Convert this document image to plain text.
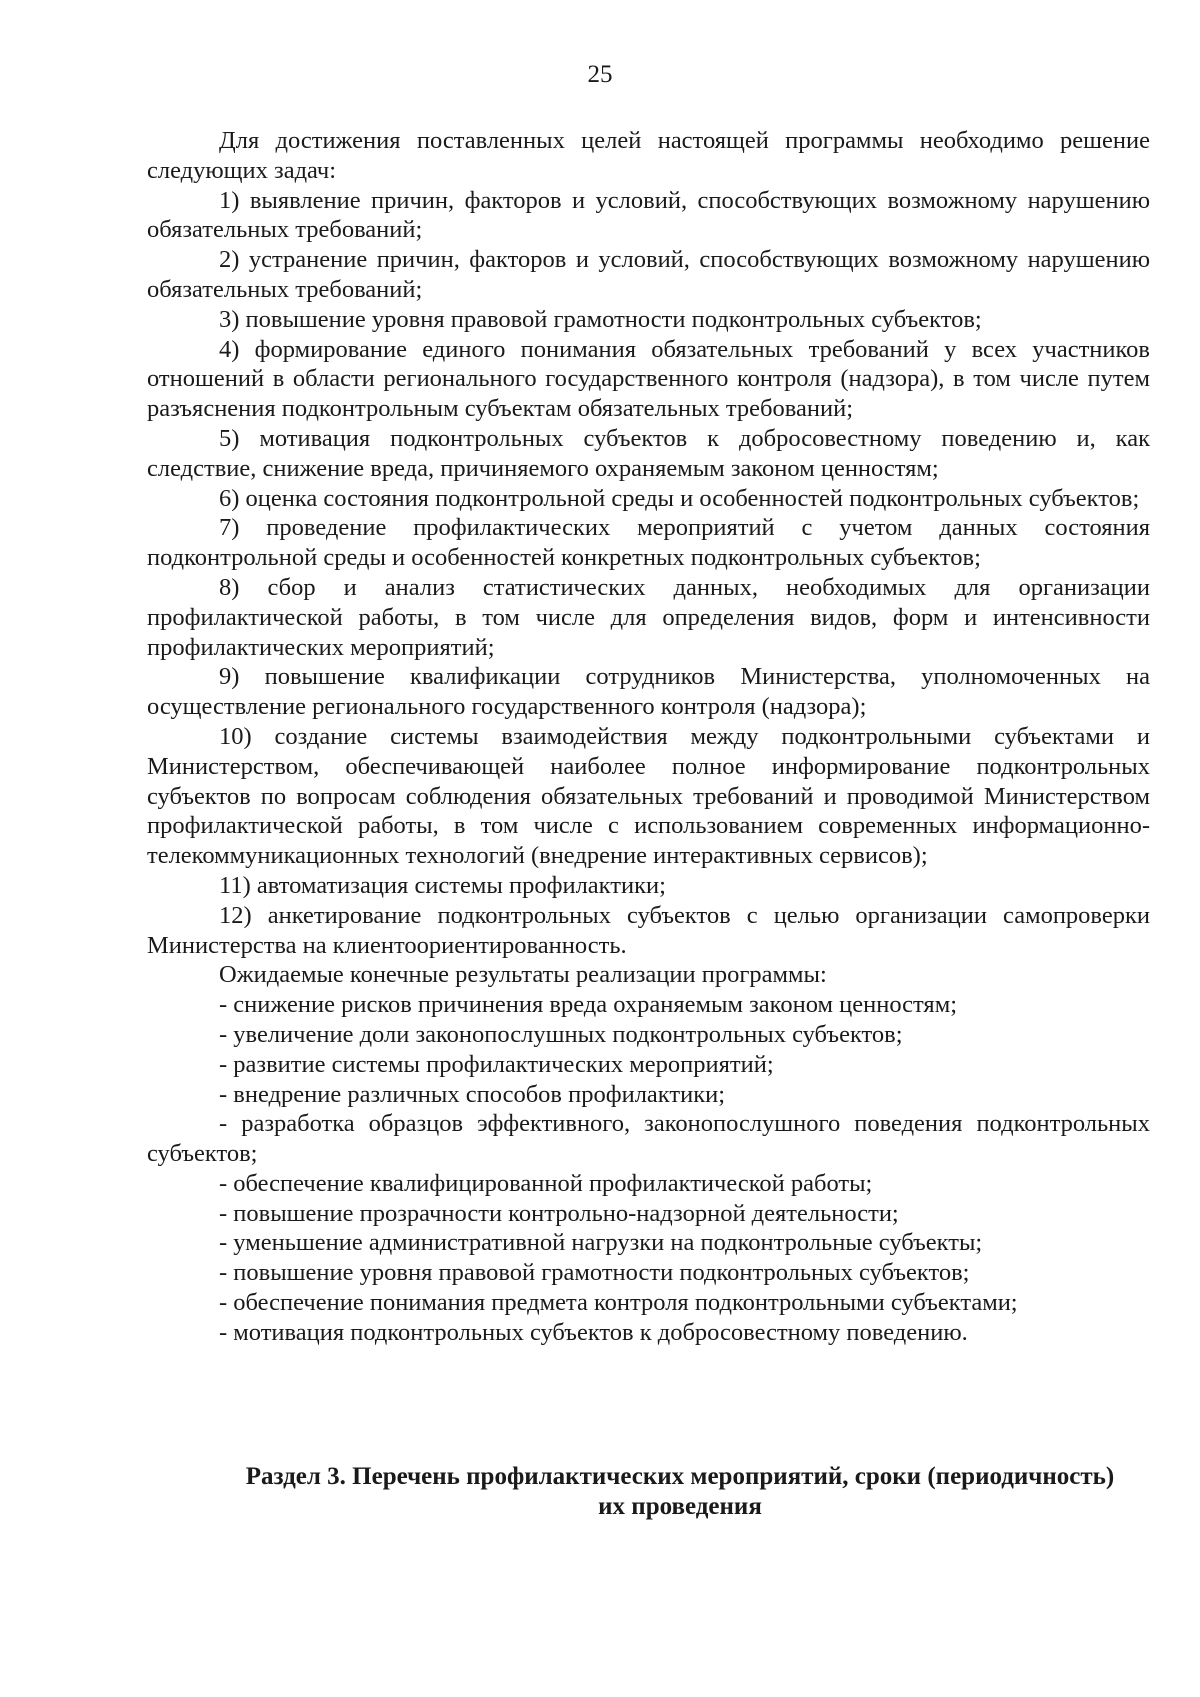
25

Для достижения поставленных целей настоящей программы необходимо решение следующих задач:

1) выявление причин, факторов и условий, способствующих возможному нарушению обязательных требований;

2) устранение причин, факторов и условий, способствующих возможному нарушению обязательных требований;

3) повышение уровня правовой грамотности подконтрольных субъектов;

4) формирование единого понимания обязательных требований у всех участников отношений в области регионального государственного контроля (надзора), в том числе путем разъяснения подконтрольным субъектам обязательных требований;

5) мотивация подконтрольных субъектов к добросовестному поведению и, как следствие, снижение вреда, причиняемого охраняемым законом ценностям;

6) оценка состояния подконтрольной среды и особенностей подконтрольных субъектов;

7) проведение профилактических мероприятий с учетом данных состояния подконтрольной среды и особенностей конкретных подконтрольных субъектов;

8) сбор и анализ статистических данных, необходимых для организации профилактической работы, в том числе для определения видов, форм и интенсивности профилактических мероприятий;

9) повышение квалификации сотрудников Министерства, уполномоченных на осуществление регионального государственного контроля (надзора);

10) создание системы взаимодействия между подконтрольными субъектами и Министерством, обеспечивающей наиболее полное информирование подконтрольных субъектов по вопросам соблюдения обязательных требований и проводимой Министерством профилактической работы, в том числе с использованием современных информационно-телекоммуникационных технологий (внедрение интерактивных сервисов);

11) автоматизация системы профилактики;

12) анкетирование подконтрольных субъектов с целью организации самопроверки Министерства на клиентоориентированность.

Ожидаемые конечные результаты реализации программы:

- снижение рисков причинения вреда охраняемым законом ценностям;

- увеличение доли законопослушных подконтрольных субъектов;

- развитие системы профилактических мероприятий;

- внедрение различных способов профилактики;

- разработка образцов эффективного, законопослушного поведения подконтрольных субъектов;

- обеспечение квалифицированной профилактической работы;

- повышение прозрачности контрольно-надзорной деятельности;

- уменьшение административной нагрузки на подконтрольные субъекты;

- повышение уровня правовой грамотности подконтрольных субъектов;

- обеспечение понимания предмета контроля подконтрольными субъектами;

- мотивация подконтрольных субъектов к добросовестному поведению.

Раздел 3. Перечень профилактических мероприятий, сроки (периодичность)
их проведения
